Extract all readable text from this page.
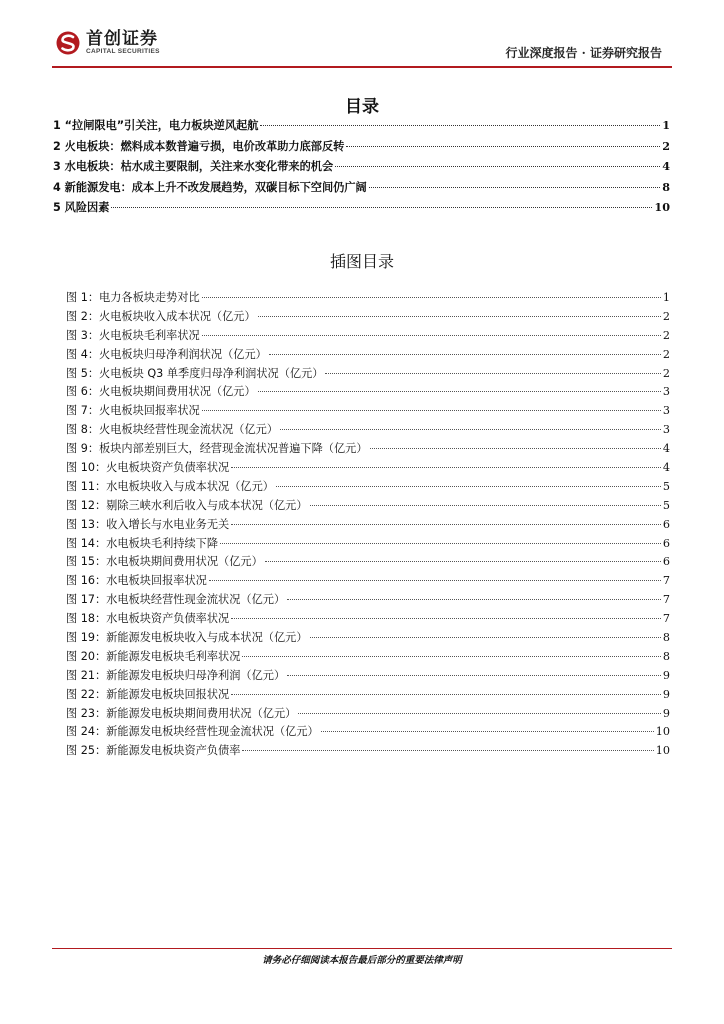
首创证券
CAPITAL SECURITIES	行业深度报告 · 证券研究报告
目录
1 “拉闸限电”引关注，电力板块逆风起航	1
2 火电板块：燃料成本数普遍亏损，电价改革助力底部反转	2
3 水电板块：枯水成主要限制，关注来水变化带来的机会	4
4 新能源发电：成本上升不改发展趋势，双碳目标下空间仍广阔	8
5 风险因素	10
插图目录
图 1：电力各板块走势对比	1
图 2：火电板块收入成本状况（亿元）	2
图 3：火电板块毛利率状况	2
图 4：火电板块归母净利润状况（亿元）	2
图 5：火电板块 Q3 单季度归母净利润状况（亿元）	2
图 6：火电板块期间费用状况（亿元）	3
图 7：火电板块回报率状况	3
图 8：火电板块经营性现金流状况（亿元）	3
图 9：板块内部差别巨大，经营现金流状况普遍下降（亿元）	4
图 10：火电板块资产负债率状况	4
图 11：水电板块收入与成本状况（亿元）	5
图 12：剔除三峡水利后收入与成本状况（亿元）	5
图 13：收入增长与水电业务无关	6
图 14：水电板块毛利持续下降	6
图 15：水电板块期间费用状况（亿元）	6
图 16：水电板块回报率状况	7
图 17：水电板块经营性现金流状况（亿元）	7
图 18：水电板块资产负债率状况	7
图 19：新能源发电板块收入与成本状况（亿元）	8
图 20：新能源发电板块毛利率状况	8
图 21：新能源发电板块归母净利润（亿元）	9
图 22：新能源发电板块回报状况	9
图 23：新能源发电板块期间费用状况（亿元）	9
图 24：新能源发电板块经营性现金流状况（亿元）	10
图 25：新能源发电板块资产负债率	10
请务必仔细阅读本报告最后部分的重要法律声明
